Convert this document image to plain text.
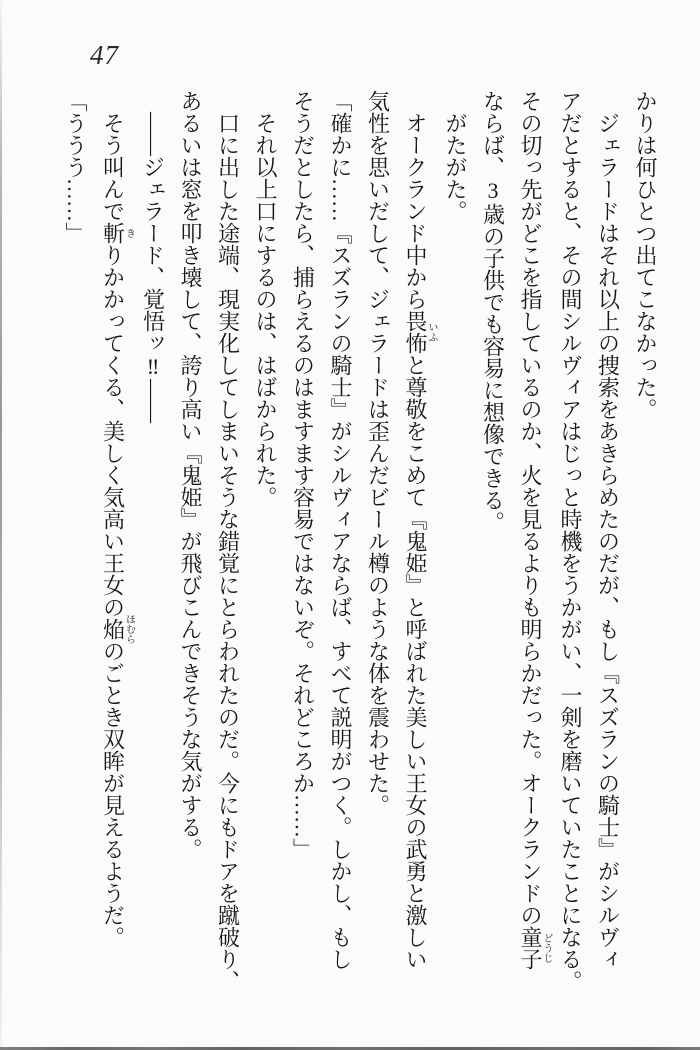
47
かりは何ひとつ出てこなかった。
　ジェラードはそれ以上の捜索をあきらめたのだが、もし『スズランの騎士』がシルヴィ
アだとすると、その間シルヴィアはじっと時機をうかがい、一剣を磨いていたことになる。
その切っ先がどこを指しているのか、火を見るよりも明らかだった。オークランドの童子どうじ
ならば、3歳の子供でも容易に想像できる。
　がたがた。
　オークランド中から畏怖いふと尊敬をこめて『鬼姫』と呼ばれた美しい王女の武勇と激しい
気性を思いだして、ジェラードは歪んだビール樽のような体を震わせた。
「確かに……『スズランの騎士』がシルヴィアならば、すべて説明がつく。しかし、もし
そうだとしたら、捕らえるのはますます容易ではないぞ。それどころか……」
　それ以上口にするのは、はばかられた。
　口に出した途端、現実化してしまいそうな錯覚にとらわれたのだ。今にもドアを蹴破り、
あるいは窓を叩き壊して、誇り高い『鬼姫』が飛びこんできそうな気がする。
　――ジェラード、覚悟ッ‼――
　そう叫んで斬きりかかってくる、美しく気高い王女の焔ほむらのごとき双眸が見えるようだ。
「ううう……」
